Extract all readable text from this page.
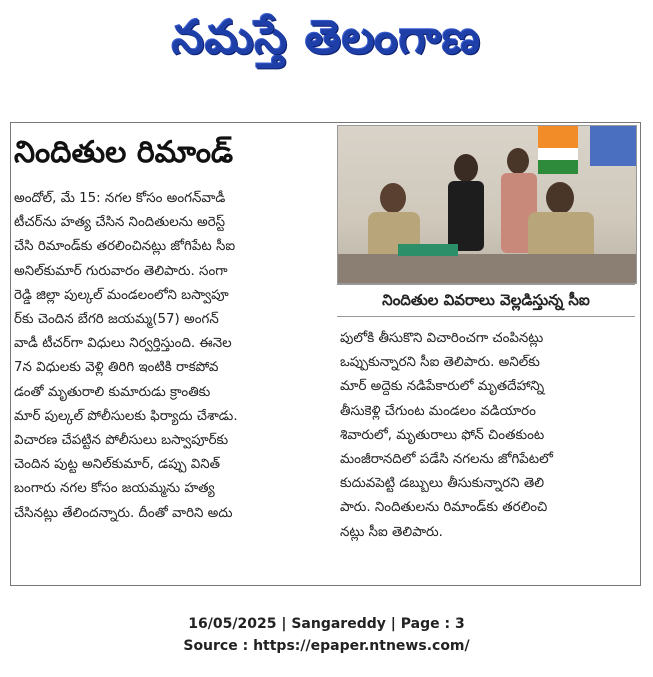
నమస్తే తెలంగాణ
నిందితుల రిమాండ్
అందోల్, మే 15: నగల కోసం అంగన్‌వాడీ
టీచర్‌ను హత్య చేసిన నిందితులను అరెస్ట్
చేసి రిమాండ్‌కు తరలించినట్లు జోగిపేట సీఐ
అనిల్‌కుమార్ గురువారం తెలిపారు. సంగా
రెడ్డి జిల్లా పుల్కల్ మండలంలోని బస్వాపూ
ర్‌కు చెందిన బేగరి జయమ్మ(57) అంగన్
వాడీ టీచర్‌గా విధులు నిర్వర్తిస్తుంది. ఈనెల
7న విధులకు వెళ్లి తిరిగి ఇంటికి రాకపోవ
డంతో మృతురాలి కుమారుడు క్రాంతికు
మార్ పుల్కల్ పోలీసులకు ఫిర్యాదు చేశాడు.
విచారణ చేపట్టిన పోలీసులు బస్వాపూర్‌కు
చెందిన పుట్ట అనిల్‌కుమార్, డప్పు వినిత్
బంగారు నగల కోసం జయమ్మను హత్య
చేసినట్లు తేలిందన్నారు. దీంతో వారిని అదు
నిందితుల వివరాలు వెల్లడిస్తున్న సీఐ
పులోకి తీసుకొని విచారించగా చంపినట్లు
ఒప్పుకున్నారని సీఐ తెలిపారు. అనిల్‌కు
మార్ అద్దెకు నడిపేకారులో మృతదేహాన్ని
తీసుకెళ్లి చేగుంట మండలం వడియారం
శివారులో, మృతురాలు ఫోన్ చింతకుంట
మంజీరానదిలో పడేసి నగలను జోగిపేటలో
కుదువపెట్టి డబ్బులు తీసుకున్నారని తెలి
పారు. నిందితులను రిమాండ్‌కు తరలించి
నట్లు సీఐ తెలిపారు.
16/05/2025 | Sangareddy | Page : 3
Source : https://epaper.ntnews.com/
